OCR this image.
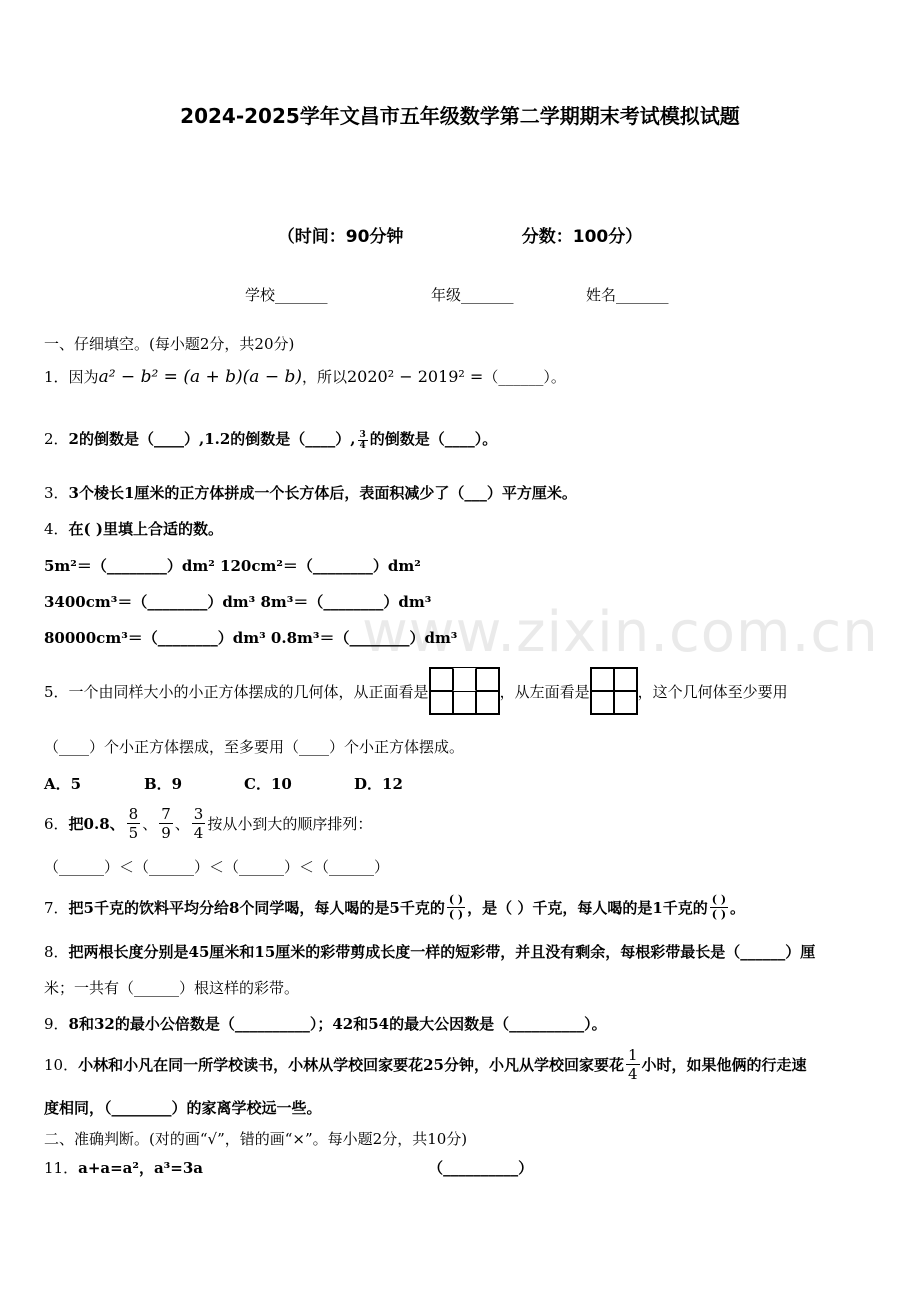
www.zixin.com.cn
2024-2025学年文昌市五年级数学第二学期期末考试模拟试题
（时间：90分钟                    分数：100分）
学校_______	年级_______	姓名_______
一、仔细填空。(每小题2分，共20分)
1．因为a² − b² = (a + b)(a − b)，所以2020² − 2019² =（______）。
2．2的倒数是（____）,1.2的倒数是（____）, $\frac{3}{4}$ 的倒数是（____）。
3．3个棱长1厘米的正方体拼成一个长方体后，表面积减少了（___）平方厘米。
4．在( )里填上合适的数。
5m²＝（________）dm² 120cm²＝（________）dm²
3400cm³＝（________）dm³ 8m³＝（________）dm³
80000cm³＝（________）dm³ 0.8m³＝（________）dm³
5． 一个由同样大小的小正方体摆成的几何体，从正面看是	，从左面看是	，这个几何体至少要用
（____）个小正方体摆成，至多要用（____）个小正方体摆成。
A．5	B．9	C．10	D．12
6． 把0.8、 $\frac{8}{5}$ 、 $\frac{7}{9}$ 、 $\frac{3}{4}$ 按从小到大的顺序排列：
（______）＜（______）＜（______）＜（______）
7． 把5千克的饮料平均分给8个同学喝，每人喝的是5千克的 $\frac{( )}{( )}$ ，是（ ）千克，每人喝的是1千克的 $\frac{( )}{( )}$ 。
8．把两根长度分别是45厘米和15厘米的彩带剪成长度一样的短彩带，并且没有剩余，每根彩带最长是（______）厘
米；一共有（______）根这样的彩带。
9．8和32的最小公倍数是（__________）；42和54的最大公因数是（__________）。
10． 小林和小凡在同一所学校读书，小林从学校回家要花25分钟，小凡从学校回家要花 $\frac{1}{4}$ 小时，如果他俩的行走速
度相同，（________）的家离学校远一些。
二、准确判断。(对的画“√”，错的画“×”。每小题2分，共10分)
11．a+a=a²，a³=3a	（__________）
